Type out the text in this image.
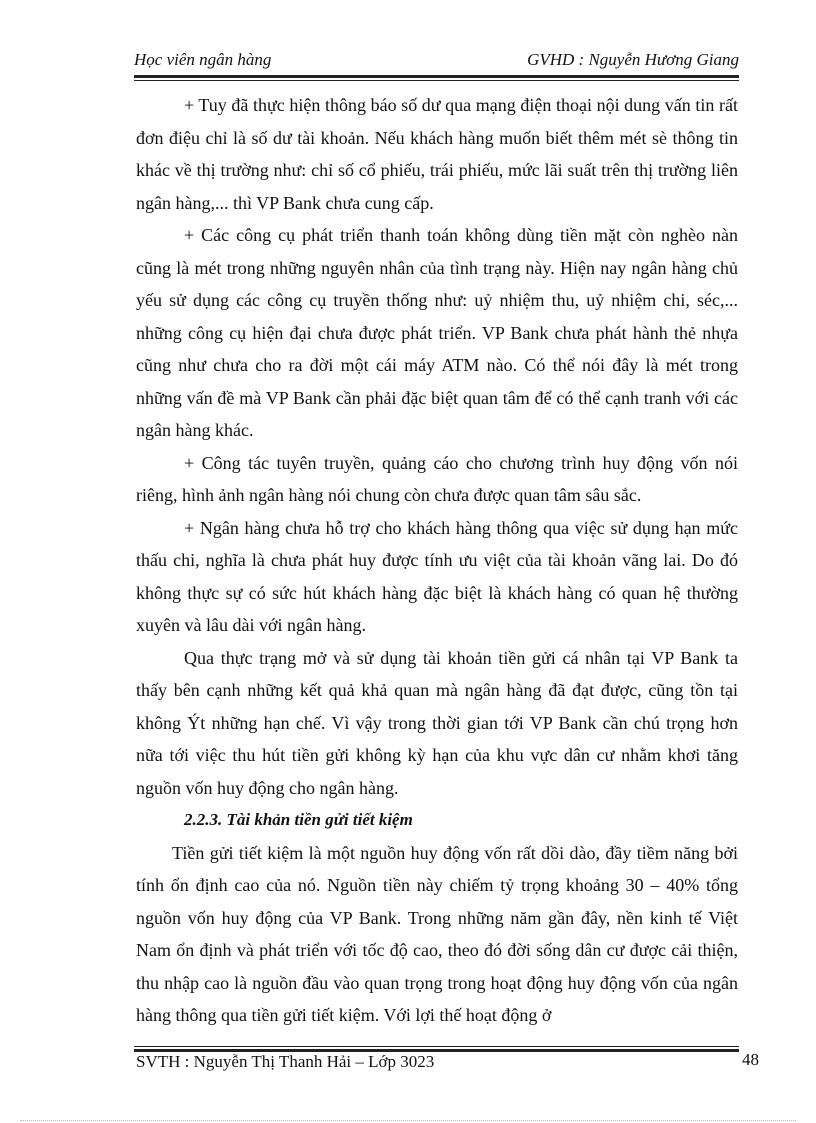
Học viên ngân hàng	GVHD : Nguyễn Hương Giang

+ Tuy đã thực hiện thông báo số dư qua mạng điện thoại nội dung vấn tin rất đơn điệu chỉ là số dư tài khoản. Nếu khách hàng muốn biết thêm mét sè thông tin khác về thị trường như: chỉ số cổ phiếu, trái phiếu, mức lãi suất trên thị trường liên ngân hàng,... thì VP Bank chưa cung cấp.

+ Các công cụ phát triển thanh toán không dùng tiền mặt còn nghèo nàn cũng là mét trong những nguyên nhân của tình trạng này. Hiện nay ngân hàng chủ yếu sử dụng các công cụ truyền thống như: uỷ nhiệm thu, uỷ nhiệm chi, séc,... những công cụ hiện đại chưa được phát triển. VP Bank chưa phát hành thẻ nhựa cũng như chưa cho ra đời một cái máy ATM nào. Có thể nói đây là mét trong những vấn đề mà VP Bank cần phải đặc biệt quan tâm để có thể cạnh tranh với các ngân hàng khác.

+ Công tác tuyên truyền, quảng cáo cho chương trình huy động vốn nói riêng, hình ảnh ngân hàng nói chung còn chưa được quan tâm sâu sắc.

+ Ngân hàng chưa hỗ trợ cho khách hàng thông qua việc sử dụng hạn mức thấu chi, nghĩa là chưa phát huy được tính ưu việt của tài khoản vãng lai. Do đó không thực sự có sức hút khách hàng đặc biệt là khách hàng có quan hệ thường xuyên và lâu dài với ngân hàng.

Qua thực trạng mở và sử dụng tài khoản tiền gửi cá nhân tại VP Bank ta thấy bên cạnh những kết quả khả quan mà ngân hàng đã đạt được, cũng tồn tại không Ýt những hạn chế. Vì vậy trong thời gian tới VP Bank cần chú trọng hơn nữa tới việc thu hút tiền gửi không kỳ hạn của khu vực dân cư nhằm khơi tăng nguồn vốn huy động cho ngân hàng.

2.2.3. Tài khản tiền gửi tiết kiệm

Tiền gửi tiết kiệm là một nguồn huy động vốn rất dồi dào, đầy tiềm năng bởi tính ổn định cao của nó. Nguồn tiền này chiếm tỷ trọng khoảng 30 – 40% tổng nguồn vốn huy động của VP Bank. Trong những năm gần đây, nền kinh tế Việt Nam ổn định và phát triển với tốc độ cao, theo đó đời sống dân cư được cải thiện, thu nhập cao là nguồn đầu vào quan trọng trong hoạt động huy động vốn của ngân hàng thông qua tiền gửi tiết kiệm. Với lợi thế hoạt động ở

SVTH : Nguyễn Thị Thanh Hải – Lớp 3023	48
